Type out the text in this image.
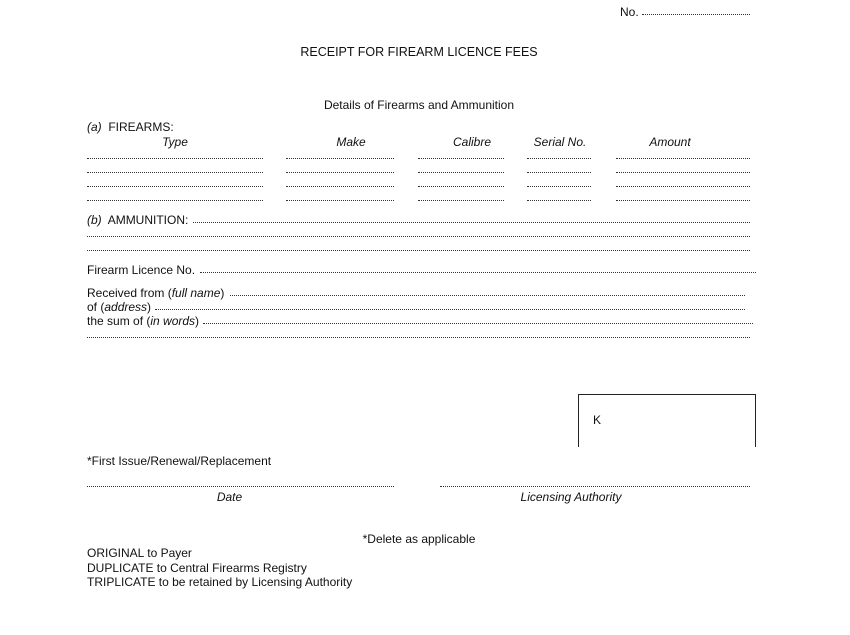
No.
RECEIPT FOR FIREARM LICENCE FEES
Details of Firearms and Ammunition
(a) FIREARMS:
Type	Make	Calibre	Serial No.	Amount
(b) AMMUNITION:
Firearm Licence No.
Received from (full name)
of (address)
the sum of (in words)
K
*First Issue/Renewal/Replacement
Date	Licensing Authority
*Delete as applicable
ORIGINAL to Payer
DUPLICATE to Central Firearms Registry
TRIPLICATE to be retained by Licensing Authority
